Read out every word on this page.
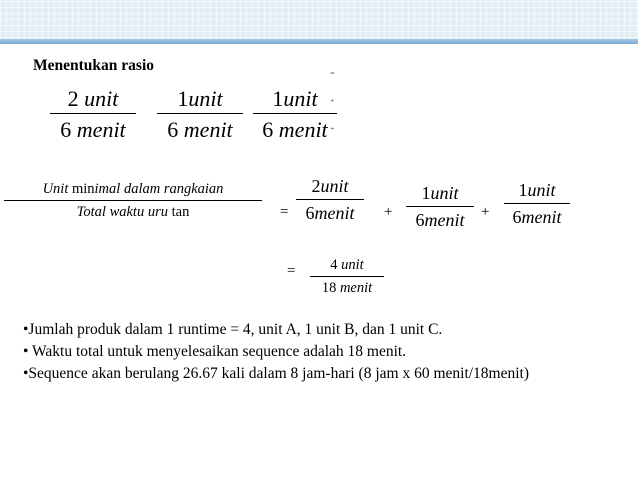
Menentukan rasio	⁼
⁺
⁺
2 unit
6 menit
1unit
6 menit
1unit
6 menit
Unit minimal dalam rangkaian
Total waktu uru tan	=
2unit
6menit	+
1unit
6menit	+
1unit
6menit
=	4 unit
18 menit

•Jumlah produk dalam 1 runtime = 4, unit A, 1 unit B, dan 1 unit C.

• Waktu total untuk menyelesaikan sequence adalah 18 menit.

•Sequence akan berulang 26.67 kali dalam 8 jam-hari (8 jam x 60 menit/18menit)
